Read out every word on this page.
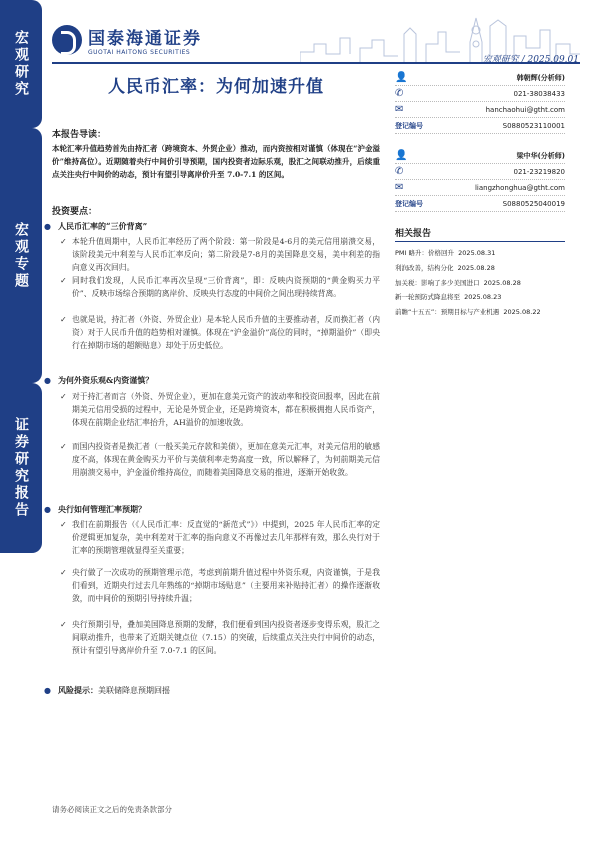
宏观研究
宏观专题
证券研究报告
国泰海通证券
GUOTAI HAITONG SECURITIES
宏观研究 / 2025.09.01
人民币汇率：为何加速升值	👤	韩朝辉(分析师)
✆	021-38038433
✉	hanchaohui@gtht.com
登记编号	S0880523110001
👤	梁中华(分析师)
✆	021-23219820
✉	liangzhonghua@gtht.com
登记编号	S0880525040019
相关报告
PMI 略升：价格回升 2025.08.31
利润改善，结构分化 2025.08.28
加关税：影响了多少美国进口 2025.08.28
新一轮预防式降息将至 2025.08.23
前瞻“十五五”：预期目标与产业机遇 2025.08.22
本报告导读：
本轮汇率升值趋势首先由持汇者（跨境资本、外贸企业）推动，而内资按相对谨慎（体现在“沪金溢价”维持高位）。近期随着央行中间价引导预期，国内投资者边际乐观，股汇之间联动推升，后续重点关注央行中间价的动态，预计有望引导离岸价升至 7.0-7.1 的区间。
投资要点：
● 人民币汇率的“三价背离”
✓ 本轮升值周期中，人民币汇率经历了两个阶段：第一阶段是4-6月的美元信用崩溃交易，该阶段美元中利差与人民币汇率反向；第二阶段是7-8月的美国降息交易，美中利差的指向意义再次回归。
✓ 同时我们发现，人民币汇率再次呈现“三价背离”，即：反映内资预期的“黄金购买力平价”、反映市场综合预期的离岸价、反映央行态度的中间价之间出现持续背离。
✓ 也就是说，持汇者（外资、外贸企业）是本轮人民币升值的主要推动者，反而换汇者（内资）对于人民币升值的趋势相对谨慎。体现在“沪金溢价”高位的同时，“掉期溢价”（即央行在掉期市场的超额贴息）却处于历史低位。
● 为何外资乐观&内资谨慎？
✓ 对于持汇者而言（外资、外贸企业），更加在意美元资产的波动率和投资回报率，因此在前期美元信用受损的过程中，无论是外贸企业，还是跨境资本，都在积极拥抱人民币资产，体现在前期企业结汇率抬升，AH溢价的加速收敛。
✓ 而国内投资者是换汇者（一般买美元存款和美债），更加在意美元汇率，对美元信用的敏感度不高，体现在黄金购买力平价与美债利率走势高度一致，所以解释了，为何前期美元信用崩溃交易中，沪金溢价维持高位，而随着美国降息交易的推进，逐渐开始收敛。
● 央行如何管理汇率预期？
✓ 我们在前期报告（《人民币汇率：反直觉的“新范式”》）中提到，2025 年人民币汇率的定价逻辑更加复杂，美中利差对于汇率的指向意义不再像过去几年那样有效，那么央行对于汇率的预期管理就显得至关重要；
✓ 央行做了一次成功的预期管理示范，考虑到前期升值过程中外资乐观，内资谨慎，于是我们看到，近期央行过去几年熟练的“掉期市场贴息”（主要用来补贴持汇者）的操作逐渐收敛，而中间价的预期引导持续升温；
✓ 央行预期引导，叠加美国降息预期的发酵，我们便看到国内投资者逐步变得乐观，股汇之间联动推升，也带来了近期关键点位（7.15）的突破，后续重点关注央行中间价的动态，预计有望引导离岸价升至 7.0-7.1 的区间。
● 风险提示：美联储降息预期回摇
请务必阅读正文之后的免责条款部分
